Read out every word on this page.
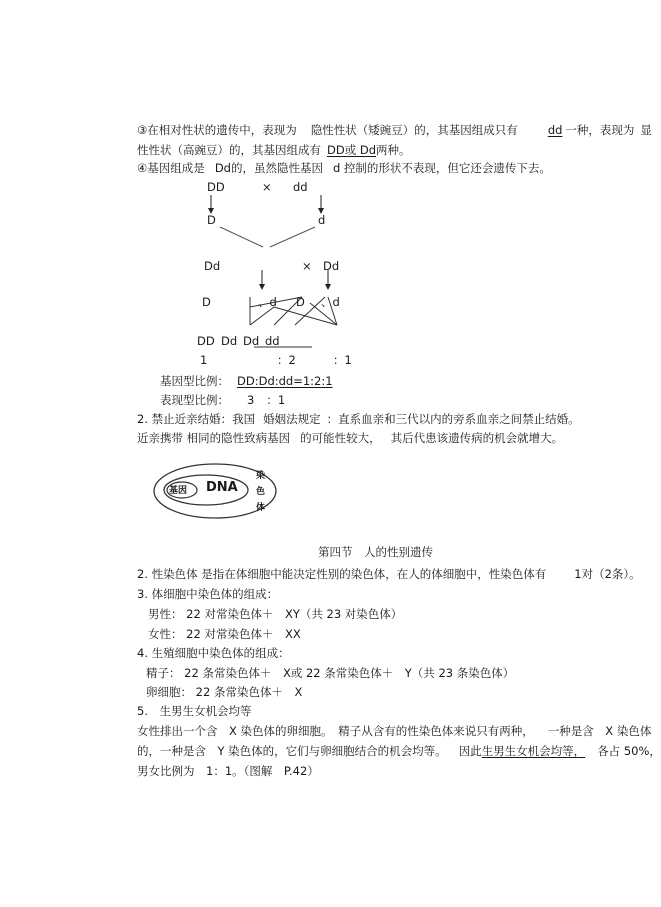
③在相对性状的遗传中，表现为 隐性性状（矮豌豆）的，其基因组成只有	dd 一种，表现为 显
性性状（高豌豆）的，其基因组成有 DD或 Dd两种。
④基因组成是 Dd的，虽然隐性基因 d 控制的形状不表现，但它还会遗传下去。
DD	× dd
D	d
Dd	× Dd
D	、d D 、d
DD Dd Dd dd
1	：2	：1
基因型比例： DD:Dd:dd=1:2:1
表现型比例： 3 ：1
2. 禁止近亲结婚：我国 婚姻法规定 ：直系血亲和三代以内的旁系血亲之间禁止结婚。
近亲携带 相同的隐性致病基因 的可能性较大， 其后代患该遗传病的机会就增大。
基因 DNA
染
色
体
第四节　人的性别遗传
2. 性染色体 是指在体细胞中能决定性别的染色体，在人的体细胞中，性染色体有 1对（2条）。
3. 体细胞中染色体的组成：
男性： 22 对常染色体＋　XY（共 23 对染色体）
女性： 22 对常染色体＋　XX
4. 生殖细胞中染色体的组成：
精子： 22 条常染色体＋　X或 22 条常染色体＋　Y（共 23 条染色体）
卵细胞： 22 条常染色体＋　X
5.　生男生女机会均等
女性排出一个含　X 染色体的卵细胞。　精子从含有的性染色体来说只有两种， 一种是含　X 染色体
的，一种是含　Y 染色体的，它们与卵细胞结合的机会均等。 因此生男生女机会均等， 各占 50%，
男女比例为　1：1。（图解　P.42）
